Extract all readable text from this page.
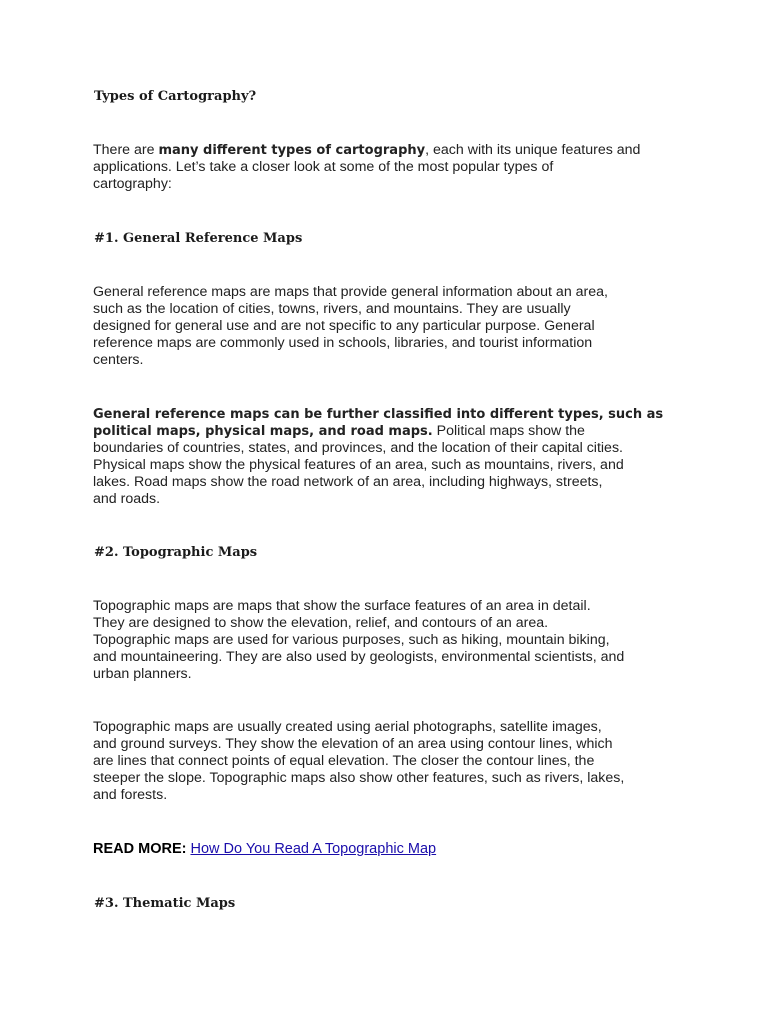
Types of Cartography?

There are many different types of cartography, each with its unique features and
applications. Let’s take a closer look at some of the most popular types of
cartography:

#1. General Reference Maps

General reference maps are maps that provide general information about an area,
such as the location of cities, towns, rivers, and mountains. They are usually
designed for general use and are not specific to any particular purpose. General
reference maps are commonly used in schools, libraries, and tourist information
centers.

General reference maps can be further classified into different types, such as
political maps, physical maps, and road maps. Political maps show the
boundaries of countries, states, and provinces, and the location of their capital cities.
Physical maps show the physical features of an area, such as mountains, rivers, and
lakes. Road maps show the road network of an area, including highways, streets,
and roads.

#2. Topographic Maps

Topographic maps are maps that show the surface features of an area in detail.
They are designed to show the elevation, relief, and contours of an area.
Topographic maps are used for various purposes, such as hiking, mountain biking,
and mountaineering. They are also used by geologists, environmental scientists, and
urban planners.

Topographic maps are usually created using aerial photographs, satellite images,
and ground surveys. They show the elevation of an area using contour lines, which
are lines that connect points of equal elevation. The closer the contour lines, the
steeper the slope. Topographic maps also show other features, such as rivers, lakes,
and forests.

READ MORE: How Do You Read A Topographic Map

#3. Thematic Maps
